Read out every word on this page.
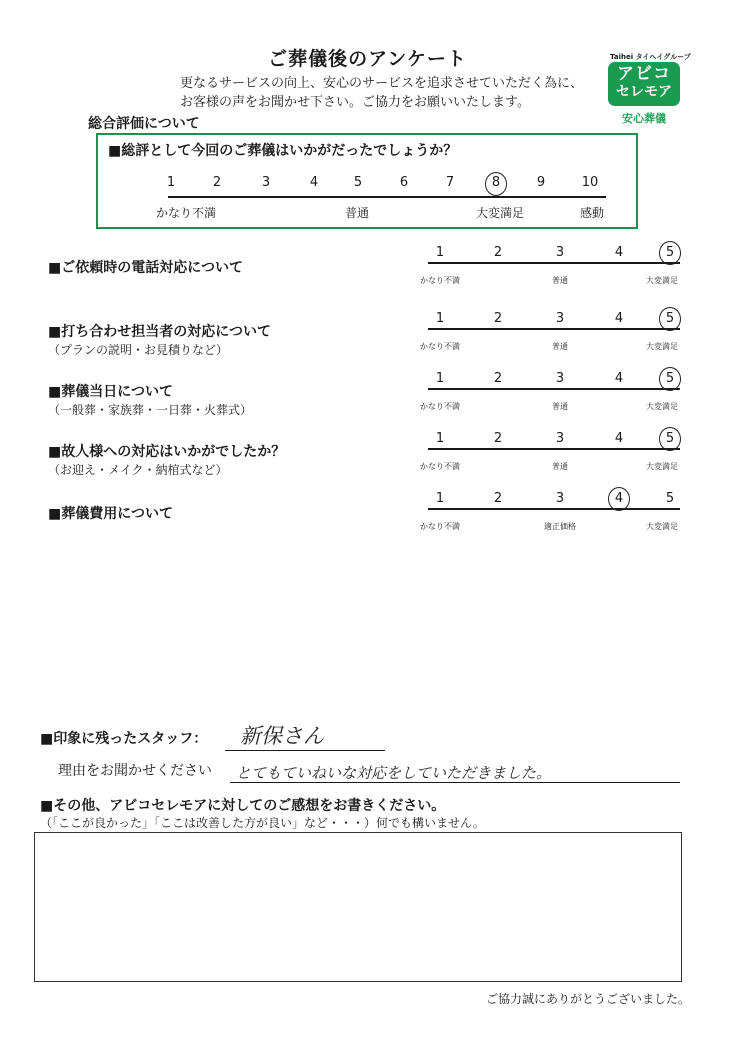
ご葬儀後のアンケート
更なるサービスの向上、安心のサービスを追求させていただく為に、
お客様の声をお聞かせ下さい。ご協力をお願いいたします。
Taihei タイヘイグループ
アビコ
セレモア
安心葬儀
総合評価について
■総評として今回のご葬儀はいかがだったでしょうか？
1	2	3	4	5	6	7	8	9	10
かなり不満	普通	大変満足	感動
■ご依頼時の電話対応について
1	2	3	4	5
かなり不満	普通	大変満足
■打ち合わせ担当者の対応について
（プランの説明・お見積りなど）
1	2	3	4	5
かなり不満	普通	大変満足
■葬儀当日について
（一般葬・家族葬・一日葬・火葬式）
1	2	3	4	5
かなり不満	普通	大変満足
■故人様への対応はいかがでしたか？
（お迎え・メイク・納棺式など）
1	2	3	4	5
かなり不満	普通	大変満足
■葬儀費用について
1	2	3	4	5
かなり不満	適正価格	大変満足
■印象に残ったスタッフ： 新保さん
理由をお聞かせください とてもていねいな対応をしていただきました。
■その他、アビコセレモアに対してのご感想をお書きください。
（「ここが良かった」「ここは改善した方が良い」など・・・）何でも構いません。
ご協力誠にありがとうございました。
